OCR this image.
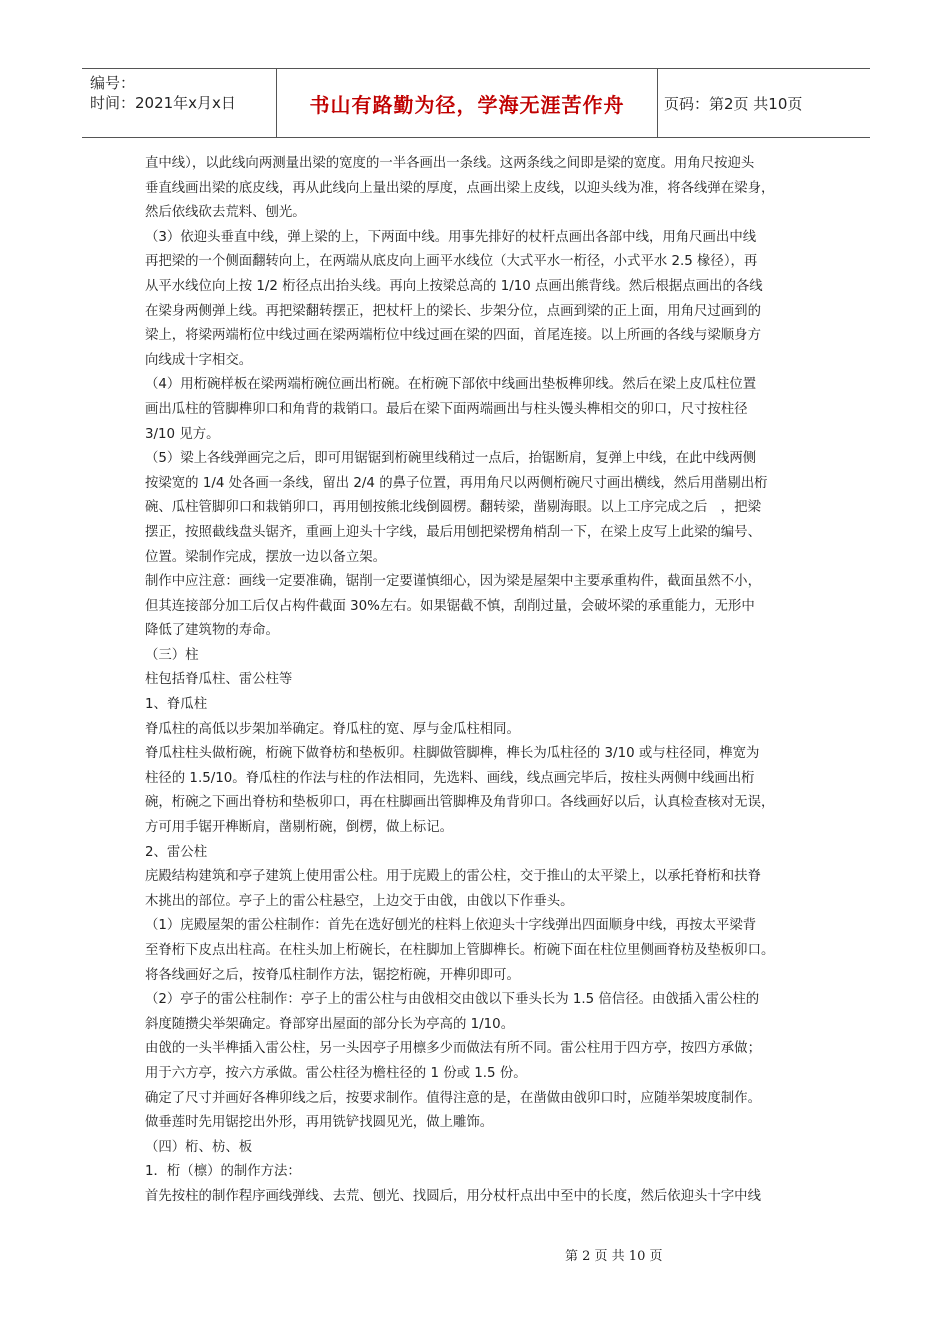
编号：
时间：2021年x月x日	书山有路勤为径，学海无涯苦作舟	页码：第2页 共10页

直中线），以此线向两测量出梁的宽度的一半各画出一条线。这两条线之间即是梁的宽度。用角尺按迎头

垂直线画出梁的底皮线，再从此线向上量出梁的厚度，点画出梁上皮线，以迎头线为准，将各线弹在梁身，

然后依线砍去荒料、刨光。

（3）依迎头垂直中线，弹上梁的上，下两面中线。用事先排好的杖杆点画出各部中线，用角尺画出中线

再把梁的一个侧面翻转向上，在两端从底皮向上画平水线位（大式平水一桁径，小式平水 2.5 椽径），再

从平水线位向上按 1/2 桁径点出抬头线。再向上按梁总高的 1/10 点画出熊背线。然后根据点画出的各线

在梁身两侧弹上线。再把梁翻转摆正，把杖杆上的梁长、步架分位，点画到梁的正上面，用角尺过画到的

梁上，将梁两端桁位中线过画在梁两端桁位中线过画在梁的四面，首尾连接。以上所画的各线与梁顺身方

向线成十字相交。

（4）用桁碗样板在梁两端桁碗位画出桁碗。在桁碗下部依中线画出垫板榫卯线。然后在梁上皮瓜柱位置

画出瓜柱的管脚榫卯口和角背的栽销口。最后在梁下面两端画出与柱头馒头榫相交的卯口，尺寸按柱径

3/10 见方。

（5）梁上各线弹画完之后，即可用锯锯到桁碗里线稍过一点后，抬锯断肩，复弹上中线，在此中线两侧

按梁宽的 1/4 处各画一条线，留出 2/4 的鼻子位置，再用角尺以两侧桁碗尺寸画出横线，然后用凿剔出桁

碗、瓜柱管脚卯口和栽销卯口，再用刨按熊北线倒圆楞。翻转梁，凿剔海眼。以上工序完成之后　，把梁

摆正，按照截线盘头锯齐，重画上迎头十字线，最后用刨把梁楞角梢刮一下，在梁上皮写上此梁的编号、

位置。梁制作完成，摆放一边以备立架。

制作中应注意：画线一定要准确，锯削一定要谨慎细心，因为梁是屋架中主要承重构件，截面虽然不小，

但其连接部分加工后仅占构件截面 30%左右。如果锯截不慎，刮削过量，会破坏梁的承重能力，无形中

降低了建筑物的寿命。

（三）柱

柱包括脊瓜柱、雷公柱等

1、脊瓜柱

脊瓜柱的高低以步架加举确定。脊瓜柱的宽、厚与金瓜柱相同。

脊瓜柱柱头做桁碗，桁碗下做脊枋和垫板卯。柱脚做管脚榫，榫长为瓜柱径的 3/10 或与柱径同，榫宽为

柱径的 1.5/10。脊瓜柱的作法与柱的作法相同，先选料、画线，线点画完毕后，按柱头两侧中线画出桁

碗，桁碗之下画出脊枋和垫板卯口，再在柱脚画出管脚榫及角背卯口。各线画好以后，认真检查核对无误，

方可用手锯开榫断肩，凿剔桁碗，倒楞，做上标记。

2、雷公柱

庑殿结构建筑和亭子建筑上使用雷公柱。用于庑殿上的雷公柱，交于推山的太平梁上，以承托脊桁和扶脊

木挑出的部位。亭子上的雷公柱悬空，上边交于由戗，由戗以下作垂头。

（1）庑殿屋架的雷公柱制作：首先在选好刨光的柱料上依迎头十字线弹出四面顺身中线，再按太平梁背

至脊桁下皮点出柱高。在柱头加上桁碗长，在柱脚加上管脚榫长。桁碗下面在柱位里侧画脊枋及垫板卯口。

将各线画好之后，按脊瓜柱制作方法，锯挖桁碗，开榫卯即可。

（2）亭子的雷公柱制作：亭子上的雷公柱与由戗相交由戗以下垂头长为 1.5 倍信径。由戗插入雷公柱的

斜度随攒尖举架确定。脊部穿出屋面的部分长为亭高的 1/10。

由戗的一头半榫插入雷公柱，另一头因亭子用檩多少而做法有所不同。雷公柱用于四方亭，按四方承做；

用于六方亭，按六方承做。雷公柱径为檐柱径的 1 份或 1.5 份。

确定了尺寸并画好各榫卯线之后，按要求制作。值得注意的是，在凿做由戗卯口时，应随举架坡度制作。

做垂莲时先用锯挖出外形，再用铣铲找圆见光，做上雕饰。

（四）桁、枋、板

1．桁（檩）的制作方法：

首先按柱的制作程序画线弹线、去荒、刨光、找圆后，用分杖杆点出中至中的长度，然后依迎头十字中线

第 2 页 共 10 页
